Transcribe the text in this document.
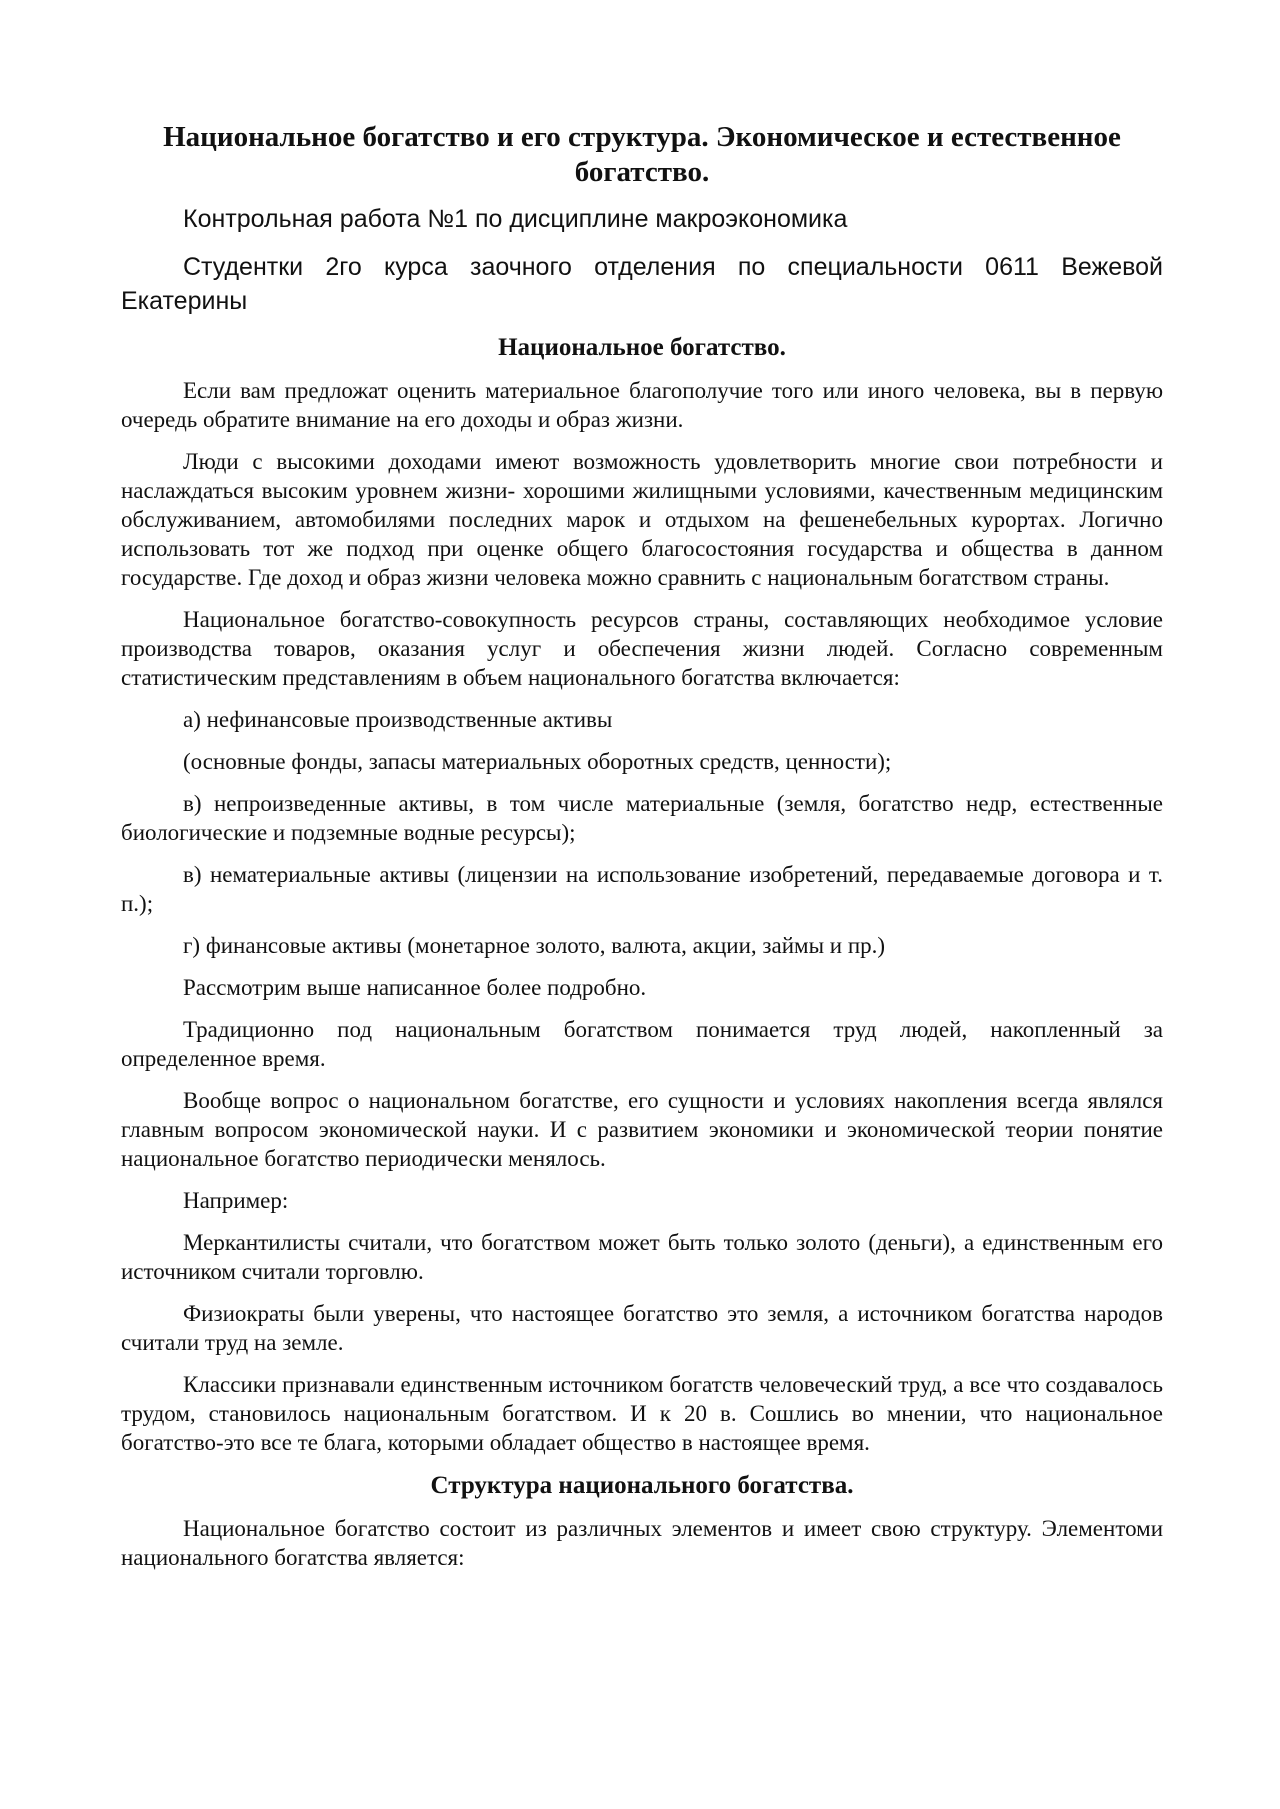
Национальное богатство и его структура. Экономическое и естественное богатство.

Контрольная работа №1 по дисциплине макроэкономика

Студентки 2го курса заочного отделения по специальности 0611 Вежевой Екатерины

Национальное богатство.

Если вам предложат оценить материальное благополучие того или иного человека, вы в первую очередь обратите внимание на его доходы и образ жизни.

Люди с высокими доходами имеют возможность удовлетворить многие свои потребности и наслаждаться высоким уровнем жизни- хорошими жилищными условиями, качественным медицинским обслуживанием, автомобилями последних марок и отдыхом на фешенебельных курортах. Логично использовать тот же подход при оценке общего благосостояния государства и общества в данном государстве. Где доход и образ жизни человека можно сравнить с национальным богатством страны.

Национальное богатство-совокупность ресурсов страны, составляющих необходимое условие производства товаров, оказания услуг и обеспечения жизни людей. Согласно современным статистическим представлениям в объем национального богатства включается:

а) нефинансовые производственные активы

(основные фонды, запасы материальных оборотных средств, ценности);

в) непроизведенные активы, в том числе материальные (земля, богатство недр, естественные биологические и подземные водные ресурсы);

в) нематериальные активы (лицензии на использование изобретений, передаваемые договора и т. п.);

г) финансовые активы (монетарное золото, валюта, акции, займы и пр.)

Рассмотрим выше написанное более подробно.

Традиционно под национальным богатством понимается труд людей, накопленный за определенное время.

Вообще вопрос о национальном богатстве, его сущности и условиях накопления всегда являлся главным вопросом экономической науки. И с развитием экономики и экономической теории понятие национальное богатство периодически менялось.

Например:

Меркантилисты считали, что богатством может быть только золото (деньги), а единственным его источником считали торговлю.

Физиократы были уверены, что настоящее богатство это земля, а источником богатства народов считали труд на земле.

Классики признавали единственным источником богатств человеческий труд, а все что создавалось трудом, становилось национальным богатством. И к 20 в. Сошлись во мнении, что национальное богатство-это все те блага, которыми обладает общество в настоящее время.

Структура национального богатства.

Национальное богатство состоит из различных элементов и имеет свою структуру. Элементоми национального богатства является:
